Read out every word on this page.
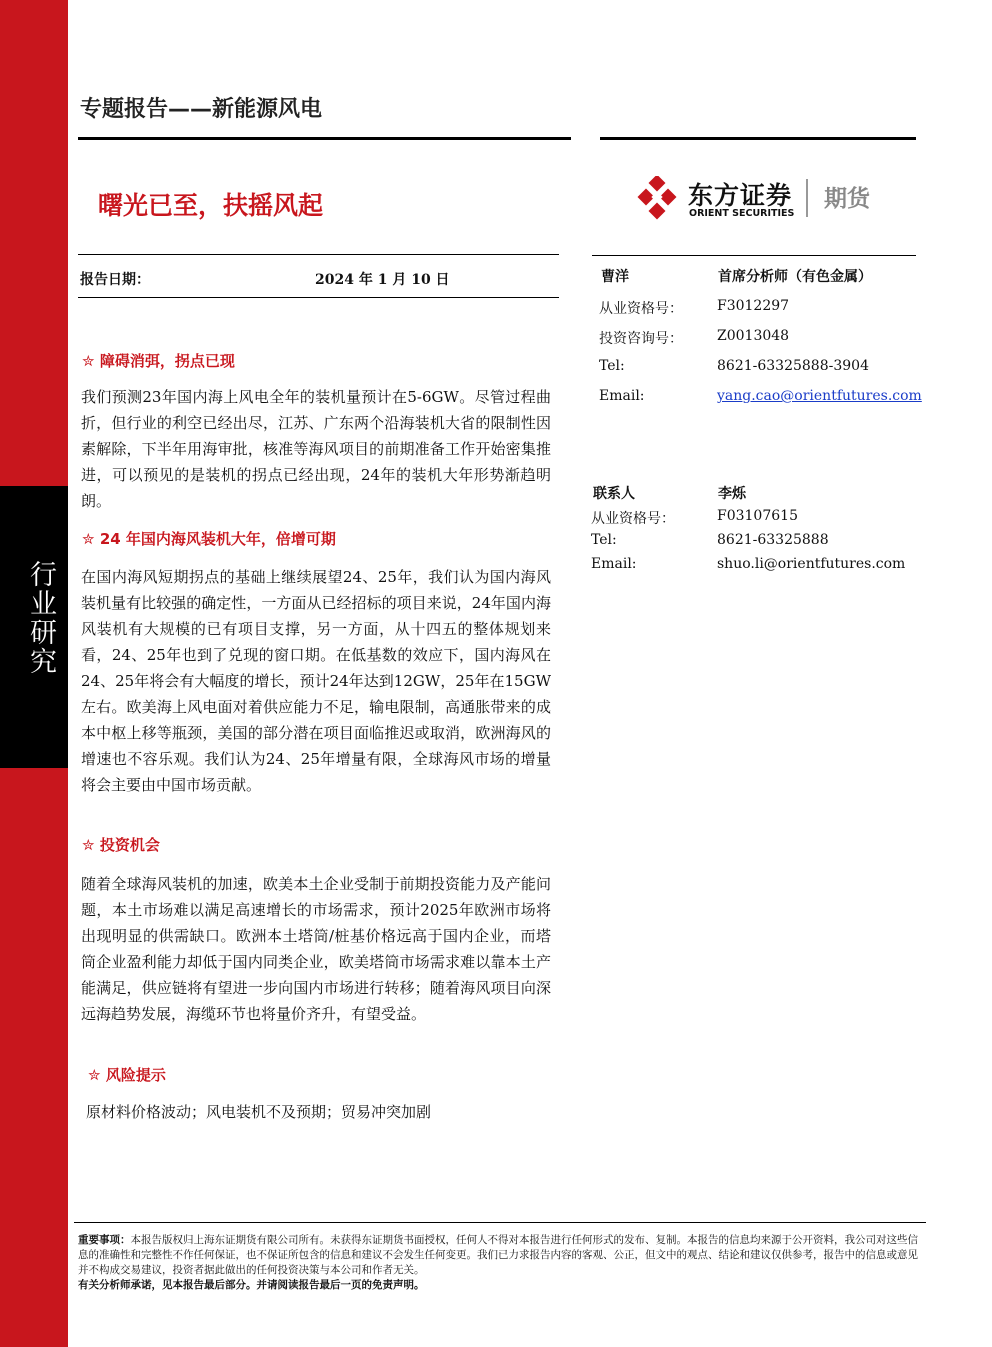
行业研究
专题报告——新能源风电
曙光已至，扶摇风起	东方证券
ORIENT SECURITIES
期货
报告日期：	2024 年 1 月 10 日
✮ 障碍消弭，拐点已现
我们预测23年国内海上风电全年的装机量预计在5-6GW。尽管过程曲折，但行业的利空已经出尽，江苏、广东两个沿海装机大省的限制性因素解除，下半年用海审批，核准等海风项目的前期准备工作开始密集推进，可以预见的是装机的拐点已经出现，24年的装机大年形势渐趋明朗。
✮ 24 年国内海风装机大年，倍增可期
在国内海风短期拐点的基础上继续展望24、25年，我们认为国内海风装机量有比较强的确定性，一方面从已经招标的项目来说，24年国内海风装机有大规模的已有项目支撑，另一方面，从十四五的整体规划来看，24、25年也到了兑现的窗口期。在低基数的效应下，国内海风在24、25年将会有大幅度的增长，预计24年达到12GW，25年在15GW左右。欧美海上风电面对着供应能力不足，输电限制，高通胀带来的成本中枢上移等瓶颈，美国的部分潜在项目面临推迟或取消，欧洲海风的增速也不容乐观。我们认为24、25年增量有限，全球海风市场的增量将会主要由中国市场贡献。
✮ 投资机会
随着全球海风装机的加速，欧美本土企业受制于前期投资能力及产能问题，本土市场难以满足高速增长的市场需求，预计2025年欧洲市场将出现明显的供需缺口。欧洲本土塔筒/桩基价格远高于国内企业，而塔筒企业盈利能力却低于国内同类企业，欧美塔筒市场需求难以靠本土产能满足，供应链将有望进一步向国内市场进行转移；随着海风项目向深远海趋势发展，海缆环节也将量价齐升，有望受益。
✮ 风险提示
原材料价格波动；风电装机不及预期；贸易冲突加剧
曹洋	首席分析师（有色金属）
从业资格号： F3012297
投资咨询号： Z0013048
Tel:	8621-63325888-3904
Email:	yang.cao@orientfutures.com
联系人	李烁
从业资格号：	F03107615
Tel:	8621-63325888
Email:	shuo.li@orientfutures.com
重要事项：本报告版权归上海东证期货有限公司所有。未获得东证期货书面授权，任何人不得对本报告进行任何形式的发布、复制。本报告的信息均来源于公开资料，我公司对这些信息的准确性和完整性不作任何保证，也不保证所包含的信息和建议不会发生任何变更。我们已力求报告内容的客观、公正，但文中的观点、结论和建议仅供参考，报告中的信息或意见并不构成交易建议，投资者据此做出的任何投资决策与本公司和作者无关。
有关分析师承诺，见本报告最后部分。并请阅读报告最后一页的免责声明。
